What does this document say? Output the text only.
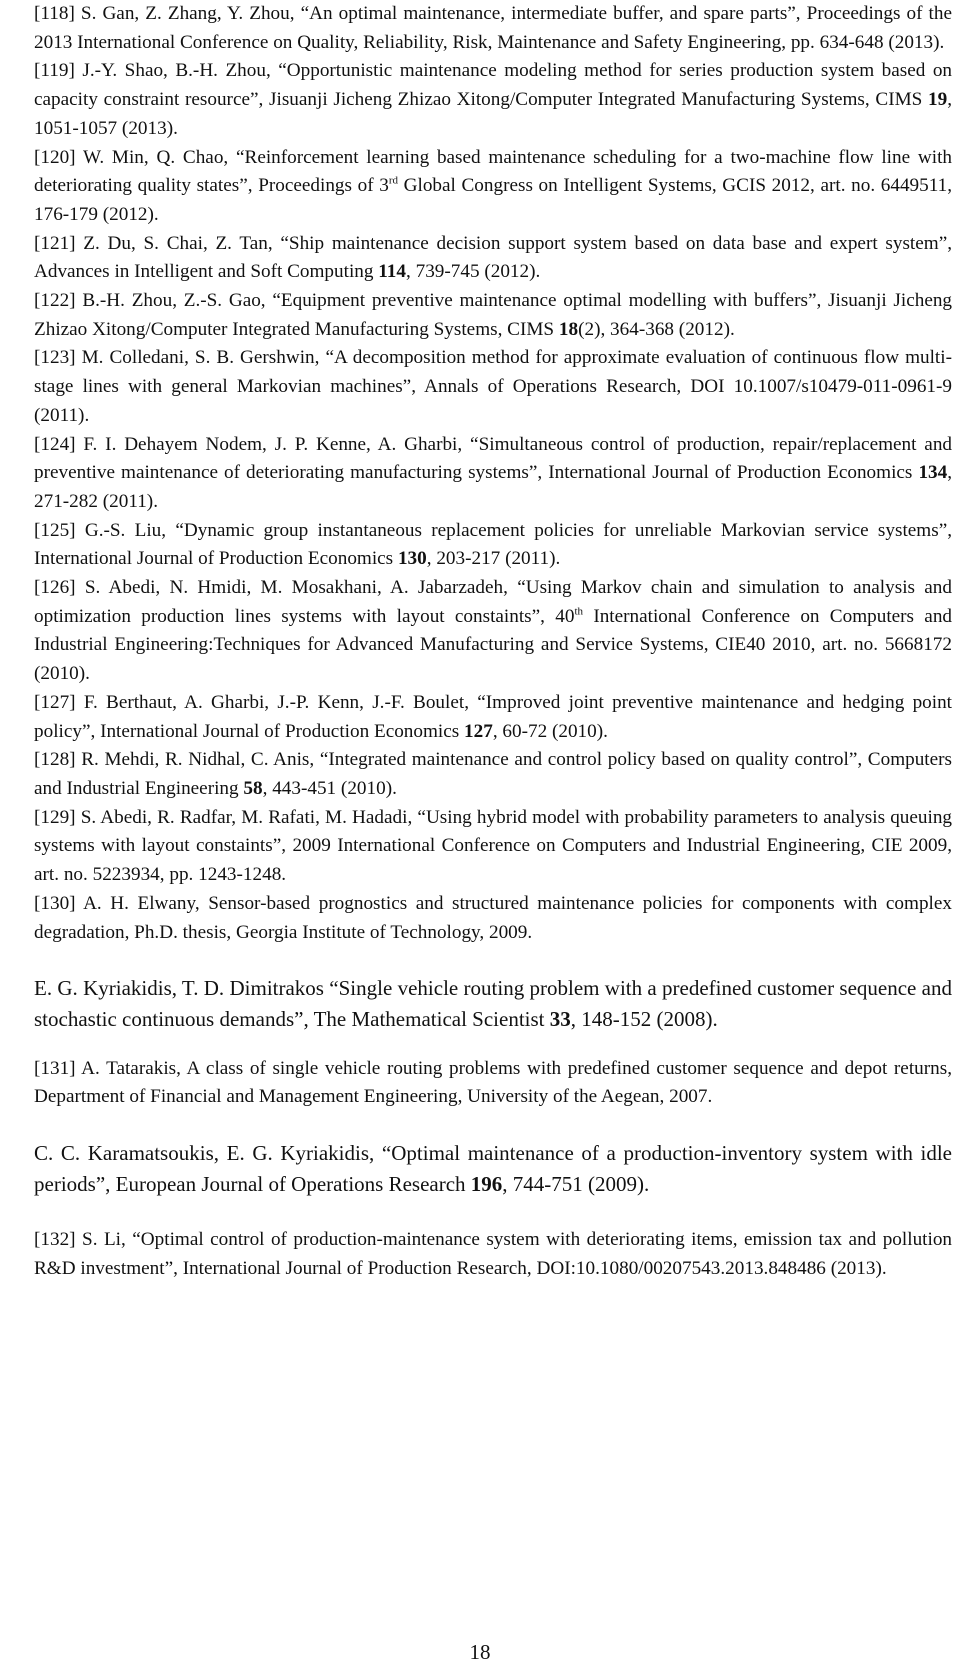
[118] S. Gan, Z. Zhang, Y. Zhou, “An optimal maintenance, intermediate buffer, and spare parts”, Proceedings of the 2013 International Conference on Quality, Reliability, Risk, Maintenance and Safety Engineering, pp. 634-648 (2013).

[119] J.-Y. Shao, B.-H. Zhou, “Opportunistic maintenance modeling method for series production system based on capacity constraint resource”, Jisuanji Jicheng Zhizao Xitong/Computer Integrated Manufacturing Systems, CIMS 19, 1051-1057 (2013).

[120] W. Min, Q. Chao, “Reinforcement learning based maintenance scheduling for a two-machine flow line with deteriorating quality states”, Proceedings of 3rd Global Congress on Intelligent Systems, GCIS 2012, art. no. 6449511, 176-179 (2012).

[121] Z. Du, S. Chai, Z. Tan, “Ship maintenance decision support system based on data base and expert system”, Advances in Intelligent and Soft Computing 114, 739-745 (2012).

[122] B.-H. Zhou, Z.-S. Gao, “Equipment preventive maintenance optimal modelling with buffers”, Jisuanji Jicheng Zhizao Xitong/Computer Integrated Manufacturing Systems, CIMS 18(2), 364-368 (2012).

[123] M. Colledani, S. B. Gershwin, “A decomposition method for approximate evaluation of continuous flow multi-stage lines with general Markovian machines”, Annals of Operations Research, DOI 10.1007/s10479-011-0961-9 (2011).

[124] F. I. Dehayem Nodem, J. P. Kenne, A. Gharbi, “Simultaneous control of production, repair/replacement and preventive maintenance of deteriorating manufacturing systems”, International Journal of Production Economics 134, 271-282 (2011).

[125] G.-S. Liu, “Dynamic group instantaneous replacement policies for unreliable Markovian service systems”, International Journal of Production Economics 130, 203-217 (2011).

[126] S. Abedi, N. Hmidi, M. Mosakhani, A. Jabarzadeh, “Using Markov chain and simulation to analysis and optimization production lines systems with layout constaints”, 40th International Conference on Computers and Industrial Engineering:Techniques for Advanced Manufacturing and Service Systems, CIE40 2010, art. no. 5668172 (2010).

[127] F. Berthaut, A. Gharbi, J.-P. Kenn, J.-F. Boulet, “Improved joint preventive maintenance and hedging point policy”, International Journal of Production Economics 127, 60-72 (2010).

[128] R. Mehdi, R. Nidhal, C. Anis, “Integrated maintenance and control policy based on quality control”, Computers and Industrial Engineering 58, 443-451 (2010).

[129] S. Abedi, R. Radfar, M. Rafati, M. Hadadi, “Using hybrid model with probability parameters to analysis queuing systems with layout constaints”, 2009 International Conference on Computers and Industrial Engineering, CIE 2009, art. no. 5223934, pp. 1243-1248.

[130] A. H. Elwany, Sensor-based prognostics and structured maintenance policies for components with complex degradation, Ph.D. thesis, Georgia Institute of Technology, 2009.

E. G. Kyriakidis, T. D. Dimitrakos “Single vehicle routing problem with a predefined customer sequence and stochastic continuous demands”, The Mathematical Scientist 33, 148-152 (2008).

[131] A. Tatarakis, A class of single vehicle routing problems with predefined customer sequence and depot returns, Department of Financial and Management Engineering, University of the Aegean, 2007.

C. C. Karamatsoukis, E. G. Kyriakidis, “Optimal maintenance of a production-inventory system with idle periods”, European Journal of Operations Research 196, 744-751 (2009).

[132] S. Li, “Optimal control of production-maintenance system with deteriorating items, emission tax and pollution R&D investment”, International Journal of Production Research, DOI:10.1080/00207543.2013.848486 (2013).

18
